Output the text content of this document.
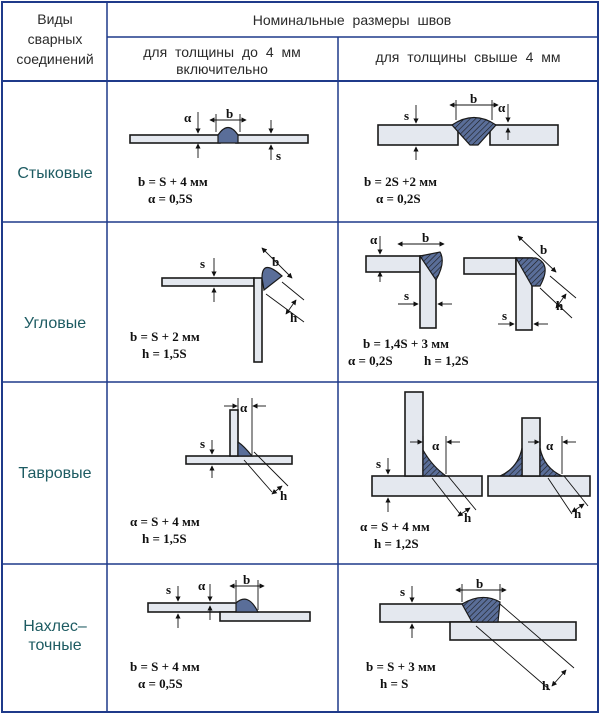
Виды
сварных
соединений
Номинальные размеры швов
для толщины до 4 мм
включительно
для толщины свыше 4 мм
Стыковые
Угловые
Тавровые
Нахлес–
точные
b
α
s
b = S + 4 мм
α = 0,5S
b
s
α
b = 2S +2 мм
α = 0,2S
s	b
h
b = S + 2 мм
h = 1,5S
α	b
s
b
h
s
b = 1,4S + 3 мм
α = 0,2S h = 1,2S
s
α
h
α = S + 4 мм
h = 1,5S
s
α
h
α
h
α = S + 4 мм
h = 1,2S
b
s α
b = S + 4 мм
α = 0,5S
b
s
h
b = S + 3 мм
h = S
